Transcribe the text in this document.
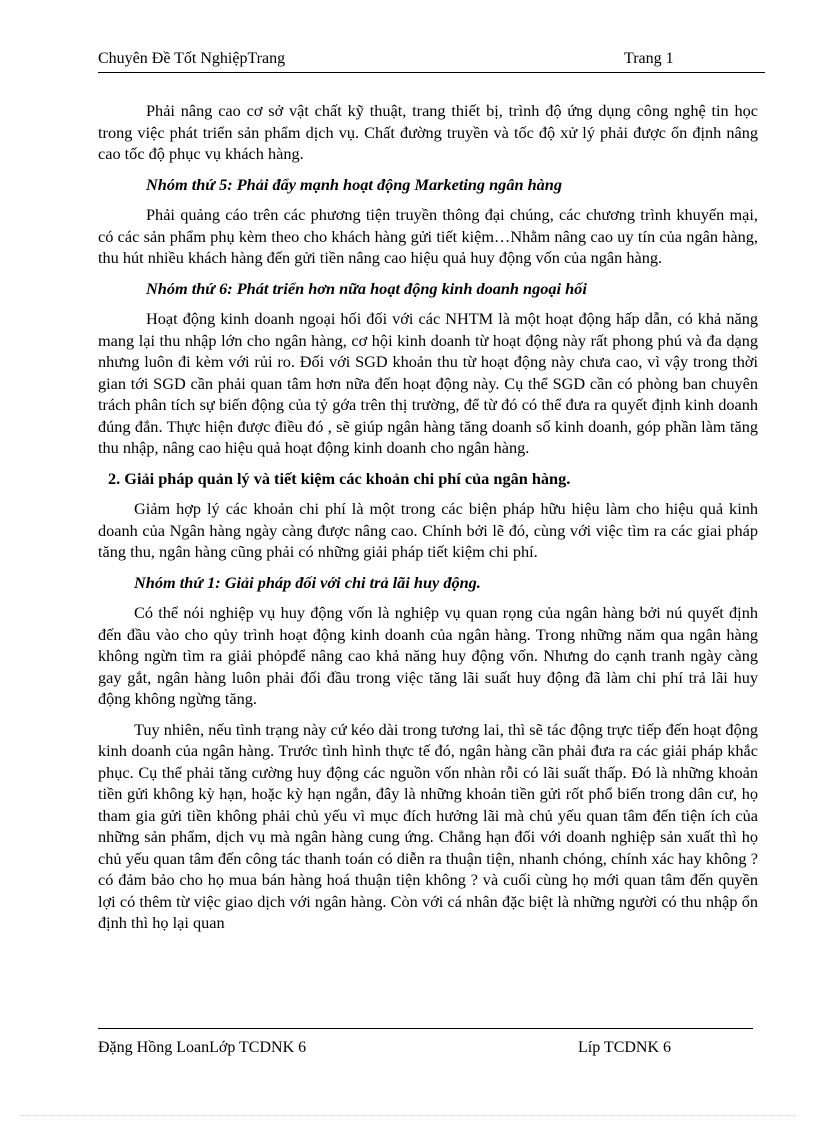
Chuyên Đề Tốt NghiệpTrang	Trang 1

Phải nâng cao cơ sở vật chất kỹ thuật, trang thiết bị, trình độ ứng dụng công nghệ tin học trong việc phát triển sản phẩm dịch vụ. Chất đường truyền và tốc độ xử lý phải được ổn định nâng cao tốc độ phục vụ khách hàng.

Nhóm thứ 5: Phải đẩy mạnh hoạt động Marketing ngân hàng

Phải quảng cáo trên các phương tiện truyền thông đại chúng, các chương trình khuyến mại, có các sản phẩm phụ kèm theo cho khách hàng gửi tiết kiệm…Nhằm nâng cao uy tín của ngân hàng, thu hút nhiều khách hàng đến gửi tiền nâng cao hiệu quả huy động vốn của ngân hàng.

Nhóm thứ 6: Phát triển hơn nữa hoạt động kinh doanh ngoại hối

Hoạt động kinh doanh ngoại hối đối với các NHTM là một hoạt động hấp dẫn, có khả năng mang lại thu nhập lớn cho ngân hàng, cơ hội kinh doanh từ hoạt động này rất phong phú và đa dạng nhưng luôn đi kèm với rủi ro. Đối với SGD khoản thu từ hoạt động này chưa cao, vì vậy trong thời gian tới SGD cần phải quan tâm hơn nữa đến hoạt động này. Cụ thể SGD cần có phòng ban chuyên trách phân tích sự biến động của tỷ gớa trên thị trường, để từ đó có thể đưa ra quyết định kinh doanh đúng đắn. Thực hiện được điều đó , sẽ giúp ngân hàng tăng doanh số kinh doanh, góp phần làm tăng thu nhập, nâng cao hiệu quả hoạt động kinh doanh cho ngân hàng.

2. Giải pháp quản lý và tiết kiệm các khoản chi phí của ngân hàng.

Giảm hợp lý các khoản chi phí là một trong các biện pháp hữu hiệu làm cho hiệu quả kinh doanh của Ngân hàng ngày càng được nâng cao. Chính bởi lẽ đó, cùng với việc tìm ra các giai pháp tăng thu, ngân hàng cũng phải có những giải pháp tiết kiệm chi phí.

Nhóm thứ 1: Giải pháp đối với chi trả lãi huy động.

Có thể nói nghiệp vụ huy động vốn là nghiệp vụ quan rọng của ngân hàng bởi nú quyết định đến đầu vào cho qủy trình hoạt động kinh doanh của ngân hàng. Trong những năm qua ngân hàng không ngừn tìm ra giải phỏpđể nâng cao khả năng huy động vốn. Nhưng do cạnh tranh ngày càng gay gắt, ngân hàng luôn phải đối đầu trong việc tăng lãi suất huy động đã làm chi phí trả lãi huy động không ngừng tăng.

Tuy nhiên, nếu tình trạng này cứ kéo dài trong tương lai, thì sẽ tác động trực tiếp đến hoạt động kinh doanh của ngân hàng. Trước tình hình thực tế đó, ngân hàng cần phải đưa ra các giải pháp khắc phục. Cụ thể phải tăng cường huy động các nguồn vốn nhàn rỗi có lãi suất thấp. Đó là những khoản tiền gửi không kỳ hạn, hoặc kỳ hạn ngắn, đây là những khoản tiền gửi rốt phổ biến trong dân cư, họ tham gia gửi tiền không phải chủ yếu vì mục đích hưởng lãi mà chủ yếu quan tâm đến tiện ích của những sản phẩm, dịch vụ mà ngân hàng cung ứng. Chẳng hạn đối với doanh nghiệp sản xuất thì họ chủ yếu quan tâm đến công tác thanh toán có diễn ra thuận tiện, nhanh chóng, chính xác hay không ? có đảm bảo cho họ mua bán hàng hoá thuận tiện không ? và cuối cùng họ mới quan tâm đến quyền lợi có thêm từ việc giao dịch với ngân hàng. Còn với cá nhân đặc biệt là những người có thu nhập ổn định thì họ lại quan

Đặng Hồng LoanLớp TCDNK 6	Líp TCDNK 6
